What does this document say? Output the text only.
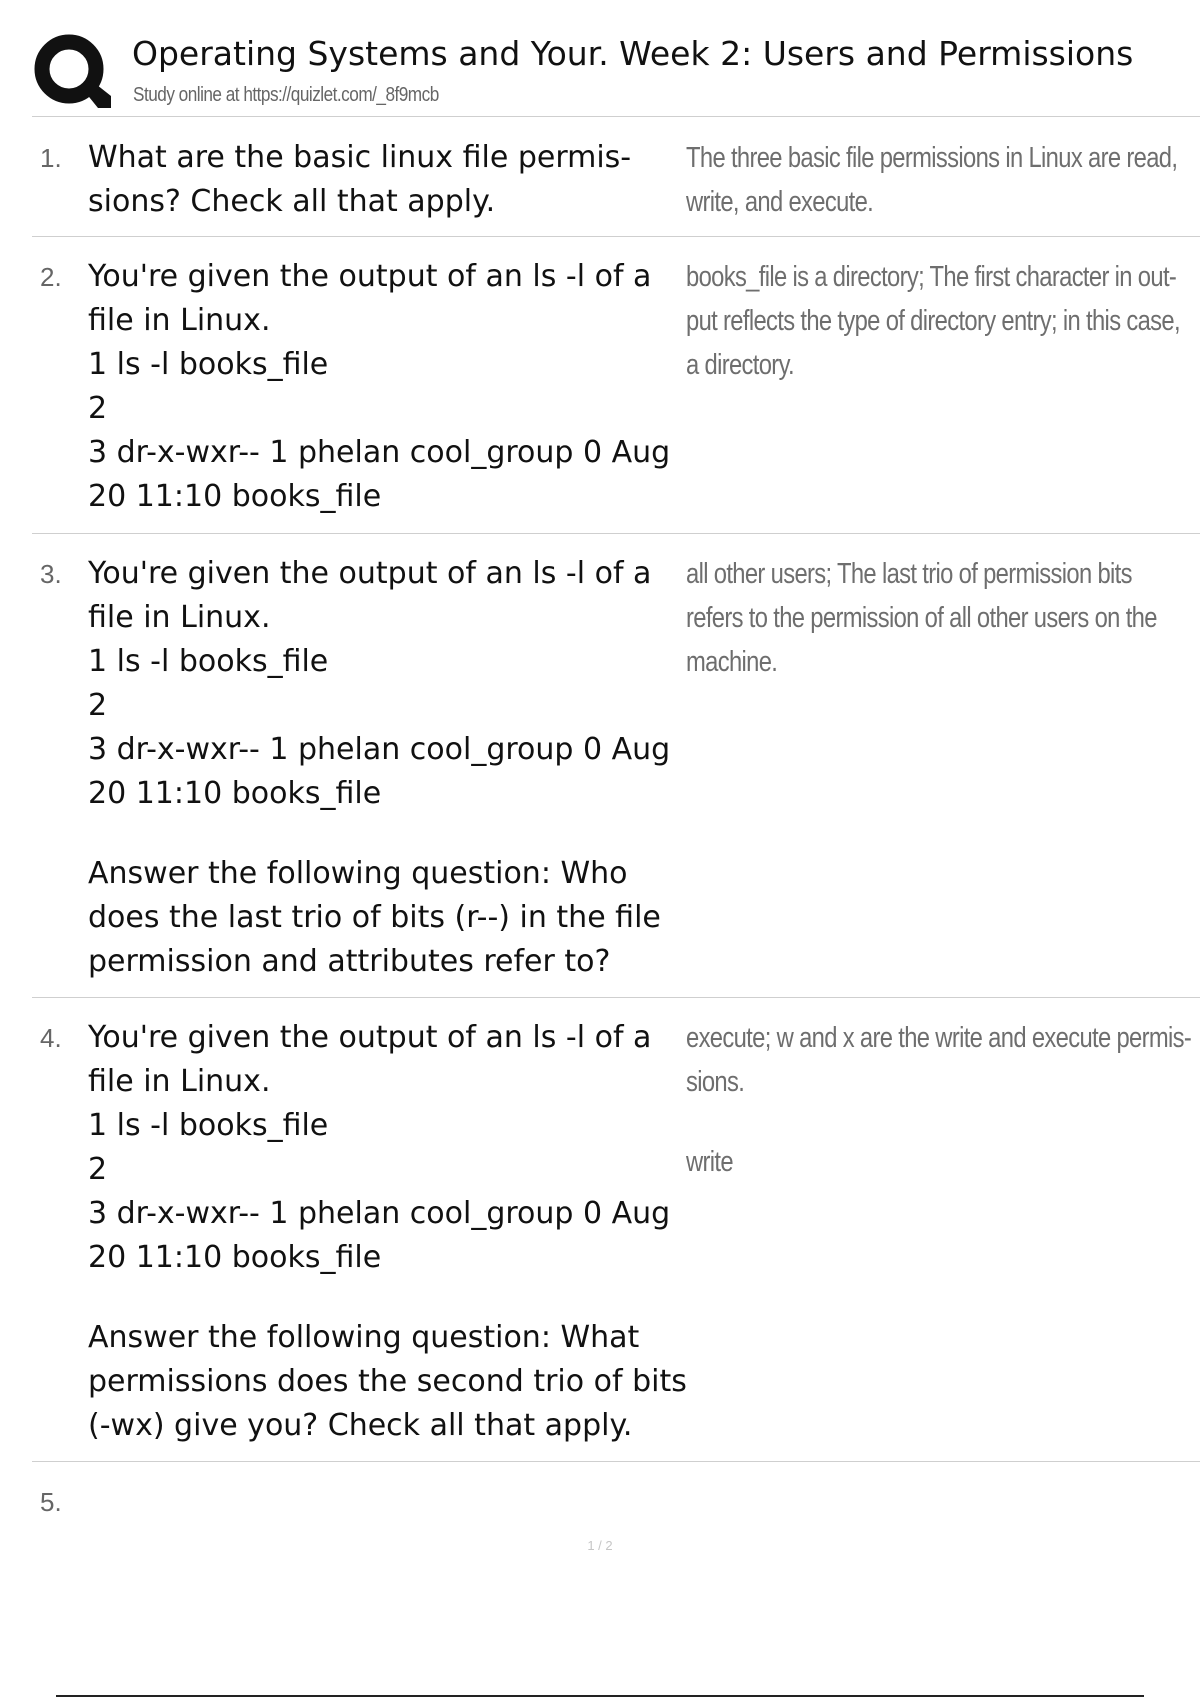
Operating Systems and Your. Week 2: Users and Permissions
Study online at https://quizlet.com/_8f9mcb
1. What are the basic linux file permis-
sions? Check all that apply.
The three basic file permissions in Linux are read,
write, and execute.
2. You're given the output of an ls -l of a
file in Linux.
1 ls -l books_file
2
3 dr-x-wxr-- 1 phelan cool_group 0 Aug
20 11:10 books_file
books_file is a directory; The first character in out-
put reflects the type of directory entry; in this case,
a directory.
3. You're given the output of an ls -l of a
file in Linux.
1 ls -l books_file
2
3 dr-x-wxr-- 1 phelan cool_group 0 Aug
20 11:10 books_file
Answer the following question: Who
does the last trio of bits (r--) in the file
permission and attributes refer to?
all other users; The last trio of permission bits
refers to the permission of all other users on the
machine.
4. You're given the output of an ls -l of a
file in Linux.
1 ls -l books_file
2
3 dr-x-wxr-- 1 phelan cool_group 0 Aug
20 11:10 books_file
Answer the following question: What
permissions does the second trio of bits
(-wx) give you? Check all that apply.
execute; w and x are the write and execute permis-
sions.
write
5.
1 / 2
